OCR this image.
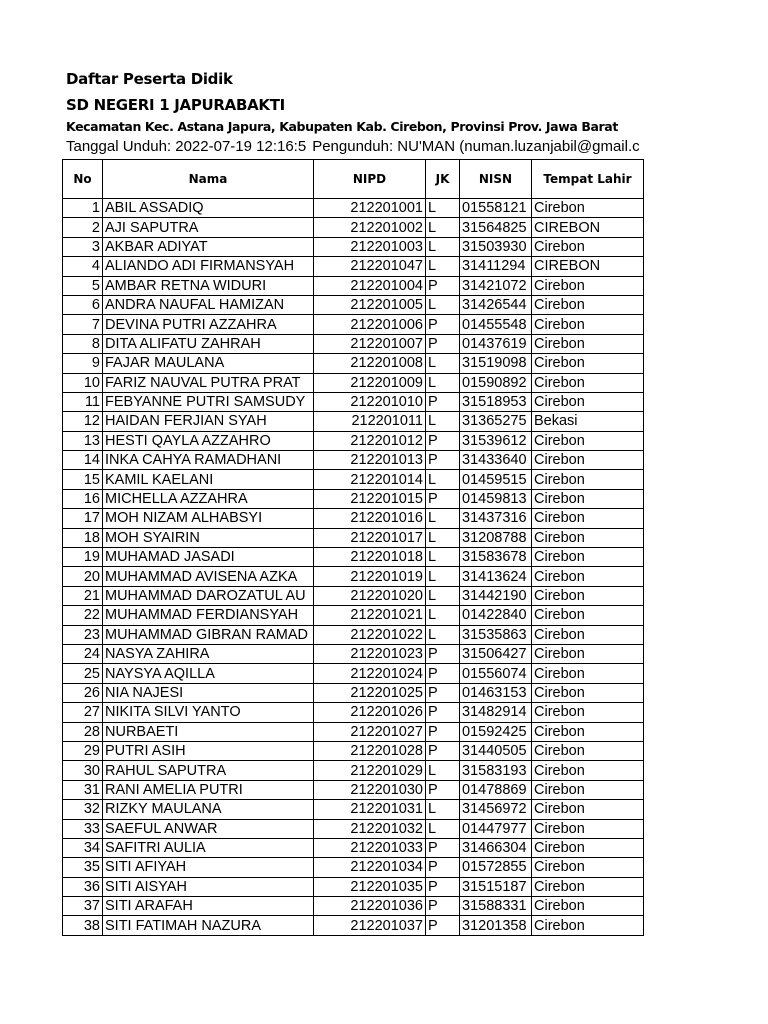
Daftar Peserta Didik
SD NEGERI 1 JAPURABAKTI
Kecamatan Kec. Astana Japura, Kabupaten Kab. Cirebon, Provinsi Prov. Jawa Barat
Tanggal Unduh: 2022-07-19 12:16:5 Pengunduh: NU'MAN (numan.luzanjabil@gmail.c
No	Nama	NIPD	JK	NISN	Tempat Lahir
1	ABIL ASSADIQ	212201001	L	01558121	Cirebon
2	AJI SAPUTRA	212201002	L	31564825	CIREBON
3	AKBAR ADIYAT	212201003	L	31503930	Cirebon
4	ALIANDO ADI FIRMANSYAH	212201047	L	31411294	CIREBON
5	AMBAR RETNA WIDURI	212201004	P	31421072	Cirebon
6	ANDRA NAUFAL HAMIZAN	212201005	L	31426544	Cirebon
7	DEVINA PUTRI AZZAHRA	212201006	P	01455548	Cirebon
8	DITA ALIFATU ZAHRAH	212201007	P	01437619	Cirebon
9	FAJAR MAULANA	212201008	L	31519098	Cirebon
10	FARIZ NAUVAL PUTRA PRAT	212201009	L	01590892	Cirebon
11	FEBYANNE PUTRI SAMSUDY	212201010	P	31518953	Cirebon
12	HAIDAN FERJIAN SYAH	212201011	L	31365275	Bekasi
13	HESTI QAYLA AZZAHRO	212201012	P	31539612	Cirebon
14	INKA CAHYA RAMADHANI	212201013	P	31433640	Cirebon
15	KAMIL KAELANI	212201014	L	01459515	Cirebon
16	MICHELLA AZZAHRA	212201015	P	01459813	Cirebon
17	MOH NIZAM ALHABSYI	212201016	L	31437316	Cirebon
18	MOH SYAIRIN	212201017	L	31208788	Cirebon
19	MUHAMAD JASADI	212201018	L	31583678	Cirebon
20	MUHAMMAD AVISENA AZKA	212201019	L	31413624	Cirebon
21	MUHAMMAD DAROZATUL AU	212201020	L	31442190	Cirebon
22	MUHAMMAD FERDIANSYAH	212201021	L	01422840	Cirebon
23	MUHAMMAD GIBRAN RAMAD	212201022	L	31535863	Cirebon
24	NASYA ZAHIRA	212201023	P	31506427	Cirebon
25	NAYSYA AQILLA	212201024	P	01556074	Cirebon
26	NIA NAJESI	212201025	P	01463153	Cirebon
27	NIKITA SILVI YANTO	212201026	P	31482914	Cirebon
28	NURBAETI	212201027	P	01592425	Cirebon
29	PUTRI ASIH	212201028	P	31440505	Cirebon
30	RAHUL SAPUTRA	212201029	L	31583193	Cirebon
31	RANI AMELIA PUTRI	212201030	P	01478869	Cirebon
32	RIZKY MAULANA	212201031	L	31456972	Cirebon
33	SAEFUL ANWAR	212201032	L	01447977	Cirebon
34	SAFITRI AULIA	212201033	P	31466304	Cirebon
35	SITI AFIYAH	212201034	P	01572855	Cirebon
36	SITI AISYAH	212201035	P	31515187	Cirebon
37	SITI ARAFAH	212201036	P	31588331	Cirebon
38	SITI FATIMAH NAZURA	212201037	P	31201358	Cirebon
